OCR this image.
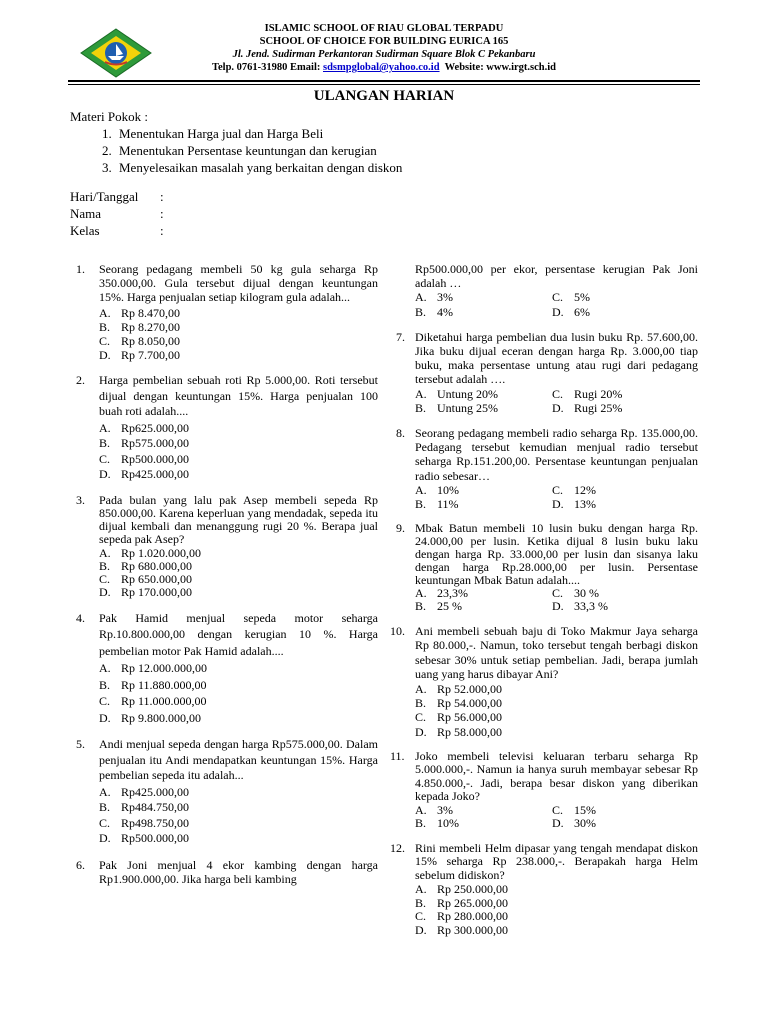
ISLAMIC SCHOOL OF RIAU GLOBAL TERPADU
SCHOOL OF CHOICE FOR BUILDING EURICA 165
Jl. Jend. Sudirman Perkantoran Sudirman Square Blok C Pekanbaru
Telp. 0761-31980 Email: sdsmpglobal@yahoo.co.id Website: www.irgt.sch.id
ULANGAN HARIAN
Materi Pokok :
1. Menentukan Harga jual dan Harga Beli
2. Menentukan Persentase keuntungan dan kerugian
3. Menyelesaikan masalah yang berkaitan dengan diskon
Hari/Tanggal	:
Nama	:
Kelas	:
1. Seorang pedagang membeli 50 kg gula seharga Rp 350.000,00. Gula tersebut dijual dengan keuntungan 15%. Harga penjualan setiap kilogram gula adalah...
A. Rp 8.470,00
B. Rp 8.270,00
C. Rp 8.050,00
D. Rp 7.700,00
2. Harga pembelian sebuah roti Rp 5.000,00. Roti tersebut dijual dengan keuntungan 15%. Harga penjualan 100 buah roti adalah....
A. Rp625.000,00
B. Rp575.000,00
C. Rp500.000,00
D. Rp425.000,00
3. Pada bulan yang lalu pak Asep membeli sepeda Rp 850.000,00. Karena keperluan yang mendadak, sepeda itu dijual kembali dan menanggung rugi 20 %. Berapa jual sepeda pak Asep?
A. Rp 1.020.000,00
B. Rp 680.000,00
C. Rp 650.000,00
D. Rp 170.000,00
4. Pak Hamid menjual sepeda motor seharga Rp.10.800.000,00 dengan kerugian 10 %. Harga pembelian motor Pak Hamid adalah....
A. Rp 12.000.000,00
B. Rp 11.880.000,00
C. Rp 11.000.000,00
D. Rp 9.800.000,00
5. Andi menjual sepeda dengan harga Rp575.000,00. Dalam penjualan itu Andi mendapatkan keuntungan 15%. Harga pembelian sepeda itu adalah...
A. Rp425.000,00
B. Rp484.750,00
C. Rp498.750,00
D. Rp500.000,00
6. Pak Joni menjual 4 ekor kambing dengan harga Rp1.900.000,00. Jika harga beli kambing
Rp500.000,00 per ekor, persentase kerugian Pak Joni adalah …
A. 3%	C. 5%
B. 4%	D. 6%
7. Diketahui harga pembelian dua lusin buku Rp. 57.600,00. Jika buku dijual eceran dengan harga Rp. 3.000,00 tiap buku, maka persentase untung atau rugi dari pedagang tersebut adalah ….
A. Untung 20%	C. Rugi 20%
B. Untung 25%	D. Rugi 25%
8. Seorang pedagang membeli radio seharga Rp. 135.000,00. Pedagang tersebut kemudian menjual radio tersebut seharga Rp.151.200,00. Persentase keuntungan penjualan radio sebesar…
A. 10%	C. 12%
B. 11%	D. 13%
9. Mbak Batun membeli 10 lusin buku dengan harga Rp. 24.000,00 per lusin. Ketika dijual 8 lusin buku laku dengan harga Rp. 33.000,00 per lusin dan sisanya laku dengan harga Rp.28.000,00 per lusin. Persentase keuntungan Mbak Batun adalah....
A. 23,3%	C. 30 %
B. 25 %	D. 33,3 %
10. Ani membeli sebuah baju di Toko Makmur Jaya seharga Rp 80.000,-. Namun, toko tersebut tengah berbagi diskon sebesar 30% untuk setiap pembelian. Jadi, berapa jumlah uang yang harus dibayar Ani?
A. Rp 52.000,00
B. Rp 54.000,00
C. Rp 56.000,00
D. Rp 58.000,00
11. Joko membeli televisi keluaran terbaru seharga Rp 5.000.000,-. Namun ia hanya suruh membayar sebesar Rp 4.850.000,-. Jadi, berapa besar diskon yang diberikan kepada Joko?
A. 3%	C. 15%
B. 10%	D. 30%
12. Rini membeli Helm dipasar yang tengah mendapat diskon 15% seharga Rp 238.000,-. Berapakah harga Helm sebelum didiskon?
A. Rp 250.000,00
B. Rp 265.000,00
C. Rp 280.000,00
D. Rp 300.000,00
